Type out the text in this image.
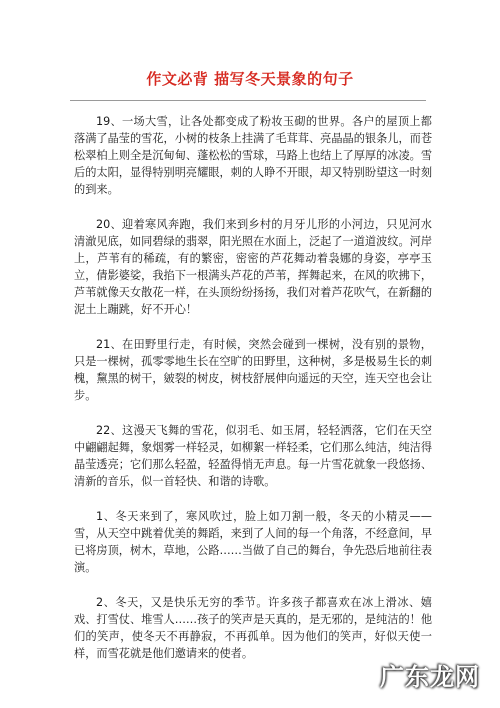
作文必背 描写冬天景象的句子

19、一场大雪，让各处都变成了粉妆玉砌的世界。各户的屋顶上都落满了晶莹的雪花，小树的枝条上挂满了毛茸茸、亮晶晶的银条儿，而苍松翠柏上则全是沉甸甸、蓬松松的雪球，马路上也结上了厚厚的冰凌。雪后的太阳，显得特别明亮耀眼，刺的人睁不开眼，却又特别盼望这一时刻的到来。

20、迎着寒风奔跑，我们来到乡村的月牙儿形的小河边，只见河水清澈见底，如同碧绿的翡翠，阳光照在水面上，泛起了一道道波纹。河岸上，芦苇有的稀疏，有的繁密，密密的芦花舞动着袅娜的身姿，亭亭玉立，倩影婆娑，我掐下一根满头芦花的芦苇，挥舞起来，在风的吹拂下，芦苇就像天女散花一样，在头顶纷纷扬扬，我们对着芦花吹气，在新翻的泥土上蹦跳，好不开心！

21、在田野里行走，有时候，突然会碰到一棵树，没有别的景物，只是一棵树，孤零零地生长在空旷的田野里，这种树，多是极易生长的刺槐，黧黑的树干，皴裂的树皮，树枝舒展伸向遥远的天空，连天空也会让步。

22、这漫天飞舞的雪花，似羽毛、如玉屑，轻轻洒落，它们在天空中翩翩起舞，象烟雾一样轻灵，如柳絮一样轻柔，它们那么纯洁，纯洁得晶莹透亮；它们那么轻盈，轻盈得悄无声息。每一片雪花就象一段悠扬、清新的音乐，似一首轻快、和谐的诗歌。

1、冬天来到了，寒风吹过，脸上如刀割一般，冬天的小精灵——雪，从天空中跳着优美的舞蹈，来到了人间的每一个角落，不经意间，早已将房顶，树木，草地，公路……当做了自己的舞台，争先恐后地前往表演。

2、冬天，又是快乐无穷的季节。许多孩子都喜欢在冰上滑冰、嬉戏、打雪仗、堆雪人……孩子的笑声是天真的，是无邪的，是纯洁的！他们的笑声，使冬天不再静寂，不再孤单。因为他们的笑声，好似天使一样，而雪花就是他们邀请来的使者。

广东龙网
